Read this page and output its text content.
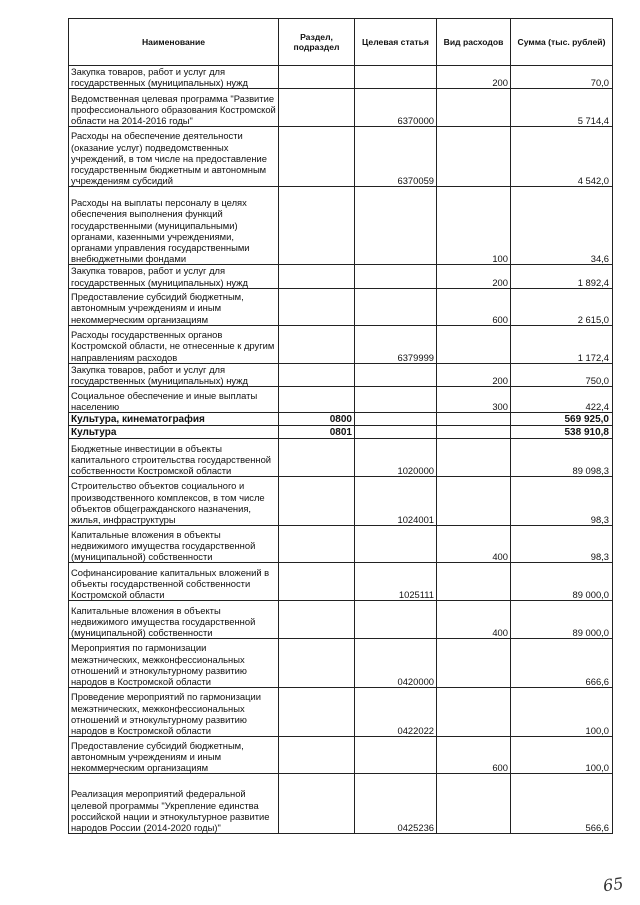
Наименование	Раздел, подраздел	Целевая статья	Вид расходов	Сумма (тыс. рублей)
Закупка товаров, работ и услуг для государственных (муниципальных) нужд			200	70,0
Ведомственная целевая программа "Развитие профессионального образования Костромской области на 2014-2016 годы"		6370000		5 714,4
Расходы на обеспечение деятельности (оказание услуг) подведомственных учреждений, в том числе на предоставление государственным бюджетным и автономным учреждениям субсидий		6370059		4 542,0
Расходы на выплаты персоналу в целях обеспечения выполнения функций государственными (муниципальными) органами, казенными учреждениями, органами управления государственными внебюджетными фондами			100	34,6
Закупка товаров, работ и услуг для государственных (муниципальных) нужд			200	1 892,4
Предоставление субсидий бюджетным, автономным учреждениям и иным некоммерческим организациям			600	2 615,0
Расходы государственных органов Костромской области, не отнесенные к другим направлениям расходов		6379999		1 172,4
Закупка товаров, работ и услуг для государственных (муниципальных) нужд			200	750,0
Социальное обеспечение и иные выплаты населению			300	422,4
Культура, кинематография	0800			569 925,0
Культура	0801			538 910,8
Бюджетные инвестиции в объекты капитального строительства государственной собственности Костромской области		1020000		89 098,3
Строительство объектов социального и производственного комплексов, в том числе объектов общегражданского назначения, жилья, инфраструктуры		1024001		98,3
Капитальные вложения в объекты недвижимого имущества государственной (муниципальной) собственности			400	98,3
Софинансирование капитальных вложений в объекты государственной собственности Костромской области		1025111		89 000,0
Капитальные вложения в объекты недвижимого имущества государственной (муниципальной) собственности			400	89 000,0
Мероприятия по гармонизации межэтнических, межконфессиональных отношений и этнокультурному развитию народов в Костромской области		0420000		666,6
Проведение мероприятий по гармонизации межэтнических, межконфессиональных отношений и этнокультурному развитию народов в Костромской области		0422022		100,0
Предоставление субсидий бюджетным, автономным учреждениям и иным некоммерческим организациям			600	100,0
Реализация мероприятий федеральной целевой программы "Укрепление единства российской нации и этнокультурное развитие народов России (2014-2020 годы)"		0425236		566,6
65
